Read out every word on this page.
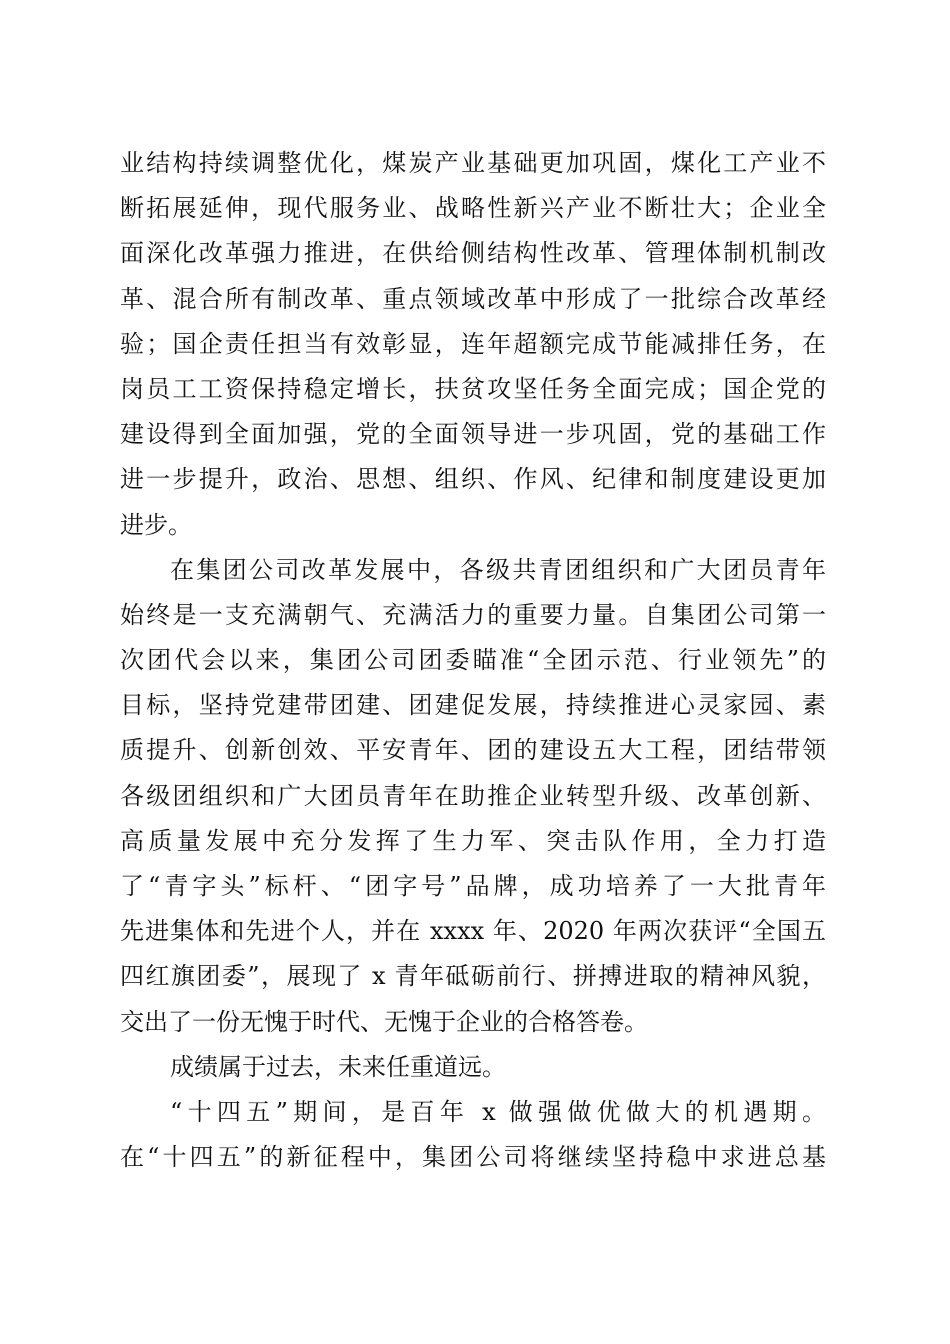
业结构持续调整优化，煤炭产业基础更加巩固，煤化工产业不
断拓展延伸，现代服务业、战略性新兴产业不断壮大；企业全
面深化改革强力推进，在供给侧结构性改革、管理体制机制改
革、混合所有制改革、重点领域改革中形成了一批综合改革经
验；国企责任担当有效彰显，连年超额完成节能减排任务，在
岗员工工资保持稳定增长，扶贫攻坚任务全面完成；国企党的
建设得到全面加强，党的全面领导进一步巩固，党的基础工作
进一步提升，政治、思想、组织、作风、纪律和制度建设更加
进步。
在集团公司改革发展中，各级共青团组织和广大团员青年
始终是一支充满朝气、充满活力的重要力量。自集团公司第一
次团代会以来，集团公司团委瞄准“全团示范、行业领先”的
目标，坚持党建带团建、团建促发展，持续推进心灵家园、素
质提升、创新创效、平安青年、团的建设五大工程，团结带领
各级团组织和广大团员青年在助推企业转型升级、改革创新、
高质量发展中充分发挥了生力军、突击队作用，全力打造
了“青字头”标杆、“团字号”品牌，成功培养了一大批青年
先进集体和先进个人，并在 xxxx 年、2020 年两次获评“全国五
四红旗团委”，展现了 x 青年砥砺前行、拼搏进取的精神风貌，
交出了一份无愧于时代、无愧于企业的合格答卷。
成绩属于过去，未来任重道远。
“十四五”期间，是百年 x 做强做优做大的机遇期。
在“十四五”的新征程中，集团公司将继续坚持稳中求进总基
